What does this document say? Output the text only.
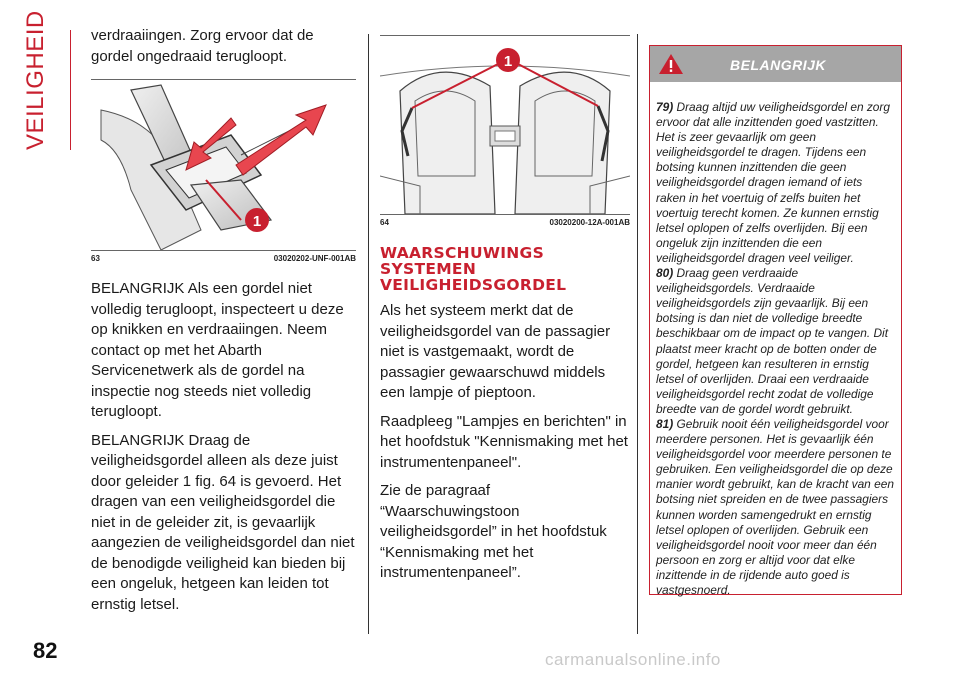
VEILIGHEID
82

verdraaiingen. Zorg ervoor dat de gordel ongedraaid terugloopt.

1
63	03020202-UNF-001AB

BELANGRIJK Als een gordel niet volledig terugloopt, inspecteert u deze op knikken en verdraaiingen. Neem contact op met het Abarth Servicenetwerk als de gordel na inspectie nog steeds niet volledig terugloopt.

BELANGRIJK Draag de veiligheidsgordel alleen als deze juist door geleider 1 fig. 64 is gevoerd. Het dragen van een veiligheidsgordel die niet in de geleider zit, is gevaarlijk aangezien de veiligheidsgordel dan niet de benodigde veiligheid kan bieden bij een ongeluk, hetgeen kan leiden tot ernstig letsel.

1
64	03020200-12A-001AB
WAARSCHUWINGS SYSTEMEN VEILIGHEIDSGORDEL

Als het systeem merkt dat de veiligheidsgordel van de passagier niet is vastgemaakt, wordt de passagier gewaarschuwd middels een lampje of pieptoon.

Raadpleeg "Lampjes en berichten" in het hoofdstuk "Kennismaking met het instrumentenpaneel".

Zie de paragraaf “Waarschuwingstoon veiligheidsgordel” in het hoofdstuk “Kennismaking met het instrumentenpaneel”.

BELANGRIJK
79) Draag altijd uw veiligheidsgordel en zorg ervoor dat alle inzittenden goed vastzitten. Het is zeer gevaarlijk om geen veiligheidsgordel te dragen. Tijdens een botsing kunnen inzittenden die geen veiligheidsgordel dragen iemand of iets raken in het voertuig of zelfs buiten het voertuig terecht komen. Ze kunnen ernstig letsel oplopen of zelfs overlijden. Bij een ongeluk zijn inzittenden die een veiligheidsgordel dragen veel veiliger.
80) Draag geen verdraaide veiligheidsgordels. Verdraaide veiligheidsgordels zijn gevaarlijk. Bij een botsing is dan niet de volledige breedte beschikbaar om de impact op te vangen. Dit plaatst meer kracht op de botten onder de gordel, hetgeen kan resulteren in ernstig letsel of overlijden. Draai een verdraaide veiligheidsgordel recht zodat de volledige breedte van de gordel wordt gebruikt.
81) Gebruik nooit één veiligheidsgordel voor meerdere personen. Het is gevaarlijk één veiligheidsgordel voor meerdere personen te gebruiken. Een veiligheidsgordel die op deze manier wordt gebruikt, kan de kracht van een botsing niet spreiden en de twee passagiers kunnen worden samengedrukt en ernstig letsel oplopen of overlijden. Gebruik een veiligheidsgordel nooit voor meer dan één persoon en zorg er altijd voor dat elke inzittende in de rijdende auto goed is vastgesnoerd.
carmanualsonline.info
